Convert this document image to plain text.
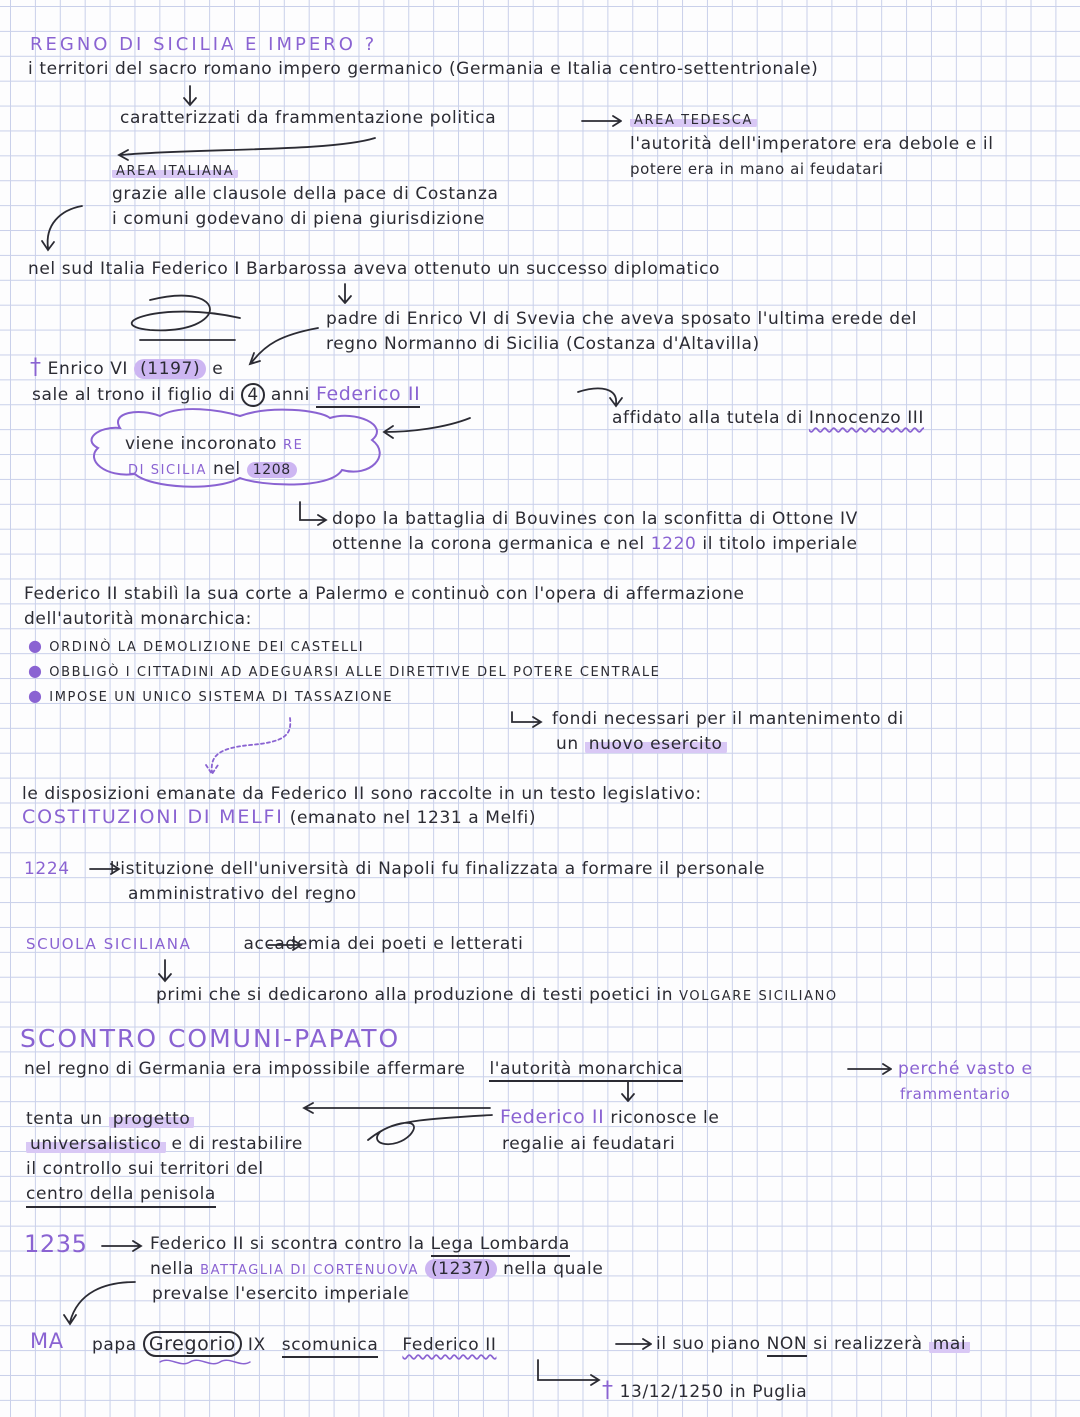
REGNO DI SICILIA E IMPERO ?
i territori del sacro romano impero germanico (Germania e Italia centro-settentrionale)
caratterizzati da frammentazione politica	AREA TEDESCA
l'autorità dell'imperatore era debole e il
potere era in mano ai feudatari
AREA ITALIANA
grazie alle clausole della pace di Costanza
i comuni godevano di piena giurisdizione
nel sud Italia Federico I Barbarossa aveva ottenuto un successo diplomatico
padre di Enrico VI di Svevia che aveva sposato l'ultima erede del
regno Normanno di Sicilia (Costanza d'Altavilla)
† Enrico VI (1197) e
sale al trono il figlio di 4 anni Federico II
affidato alla tutela di Innocenzo III
viene incoronato RE
DI SICILIA nel 1208
dopo la battaglia di Bouvines con la sconfitta di Ottone IV
ottenne la corona germanica e nel 1220 il titolo imperiale
Federico II stabilì la sua corte a Palermo e continuò con l'opera di affermazione
dell'autorità monarchica:
● ORDINÒ LA DEMOLIZIONE DEI CASTELLI
● OBBLIGÒ I CITTADINI AD ADEGUARSI ALLE DIRETTIVE DEL POTERE CENTRALE
● IMPOSE UN UNICO SISTEMA DI TASSAZIONE
fondi necessari per il mantenimento di
un nuovo esercito
le disposizioni emanate da Federico II sono raccolte in un testo legislativo:
COSTITUZIONI DI MELFI (emanato nel 1231 a Melfi)
1224 l'istituzione dell'università di Napoli fu finalizzata a formare il personale
amministrativo del regno
SCUOLA SICILIANA	accademia dei poeti e letterati
primi che si dedicarono alla produzione di testi poetici in VOLGARE SICILIANO
SCONTRO COMUNI-PAPATO
nel regno di Germania era impossibile affermare l'autorità monarchica	perché vasto e
frammentario
Federico II riconosce le
regalie ai feudatari
tenta un progetto
universalistico e di restabilire
il controllo sui territori del
centro della penisola
1235	Federico II si scontra contro la Lega Lombarda
nella BATTAGLIA DI CORTENUOVA (1237) nella quale
prevalse l'esercito imperiale
MA papa Gregorio IX scomunica Federico II	il suo piano NON si realizzerà mai
† 13/12/1250 in Puglia
